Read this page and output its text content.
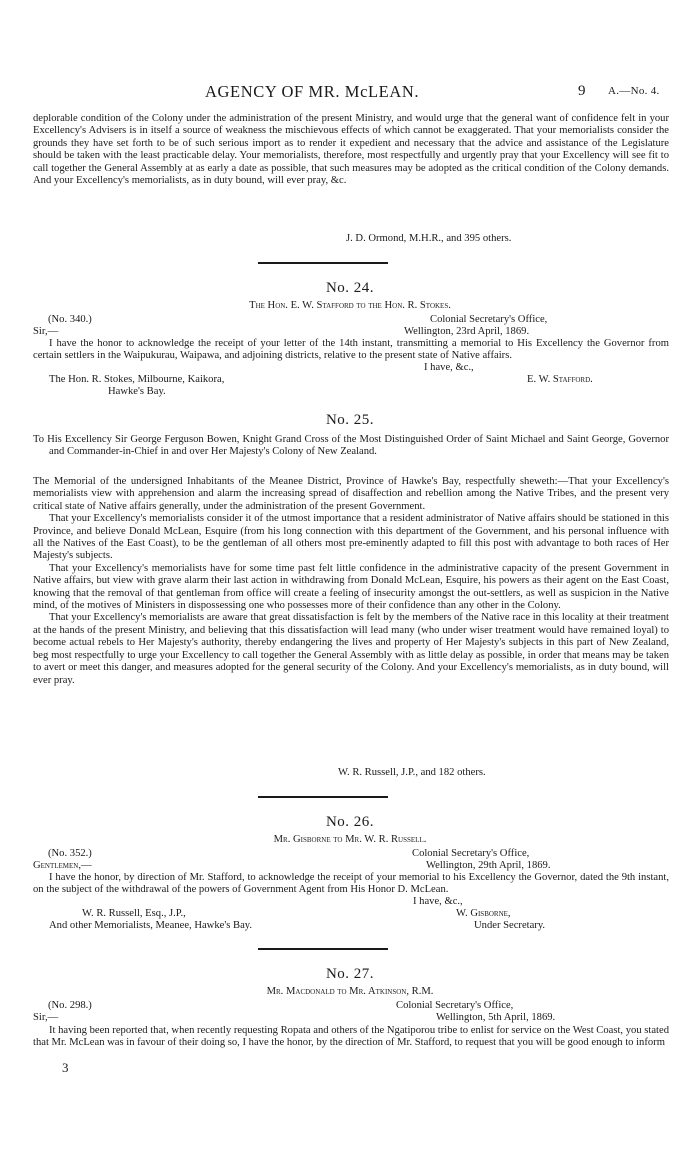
AGENCY OF MR. McLEAN.	9 A.—No. 4.

deplorable condition of the Colony under the administration of the present Ministry, and would urge that the general want of confidence felt in your Excellency's Advisers is in itself a source of weakness the mischievous effects of which cannot be exaggerated. That your memorialists consider the grounds they have set forth to be of such serious import as to render it expedient and necessary that the advice and assistance of the Legislature should be taken with the least practicable delay. Your memorialists, therefore, most respectfully and urgently pray that your Excellency will see fit to call together the General Assembly at as early a date as possible, that such measures may be adopted as the critical condition of the Colony demands. And your Excellency's memorialists, as in duty bound, will ever pray, &c.

J. D. Ormond, M.H.R., and 395 others.
No. 24.
The Hon. E. W. Stafford to the Hon. R. Stokes.
(No. 340.)	Colonial Secretary's Office,
Sir,—	Wellington, 23rd April, 1869.

I have the honor to acknowledge the receipt of your letter of the 14th instant, transmitting a memorial to His Excellency the Governor from certain settlers in the Waipukurau, Waipawa, and adjoining districts, relative to the present state of Native affairs.

I have, &c.,
The Hon. R. Stokes, Milbourne, Kaikora,	E. W. Stafford.
Hawke's Bay.
No. 25.

To His Excellency Sir George Ferguson Bowen, Knight Grand Cross of the Most Distinguished Order of Saint Michael and Saint George, Governor and Commander-in-Chief in and over Her Majesty's Colony of New Zealand.

The Memorial of the undersigned Inhabitants of the Meanee District, Province of Hawke's Bay, respectfully sheweth:—That your Excellency's memorialists view with apprehension and alarm the increasing spread of disaffection and rebellion among the Native Tribes, and the present very critical state of Native affairs generally, under the administration of the present Government.

That your Excellency's memorialists consider it of the utmost importance that a resident administrator of Native affairs should be stationed in this Province, and believe Donald McLean, Esquire (from his long connection with this department of the Government, and his personal influence with all the Natives of the East Coast), to be the gentleman of all others most pre-eminently adapted to fill this post with advantage to both races of Her Majesty's subjects.

That your Excellency's memorialists have for some time past felt little confidence in the administrative capacity of the present Government in Native affairs, but view with grave alarm their last action in withdrawing from Donald McLean, Esquire, his powers as their agent on the East Coast, knowing that the removal of that gentleman from office will create a feeling of insecurity amongst the out-settlers, as well as suspicion in the Native mind, of the motives of Ministers in dispossessing one who possesses more of their confidence than any other in the Colony.

That your Excellency's memorialists are aware that great dissatisfaction is felt by the members of the Native race in this locality at their treatment at the hands of the present Ministry, and believing that this dissatisfaction will lead many (who under wiser treatment would have remained loyal) to become actual rebels to Her Majesty's authority, thereby endangering the lives and property of Her Majesty's subjects in this part of New Zealand, beg most respectfully to urge your Excellency to call together the General Assembly with as little delay as possible, in order that means may be taken to avert or meet this danger, and measures adopted for the general security of the Colony. And your Excellency's memorialists, as in duty bound, will ever pray.

W. R. Russell, J.P., and 182 others.
No. 26.
Mr. Gisborne to Mr. W. R. Russell.
(No. 352.)	Colonial Secretary's Office,
Gentlemen,—	Wellington, 29th April, 1869.

I have the honor, by direction of Mr. Stafford, to acknowledge the receipt of your memorial to his Excellency the Governor, dated the 9th instant, on the subject of the withdrawal of the powers of Government Agent from His Honor D. McLean.

I have, &c.,
W. R. Russell, Esq., J.P.,	W. Gisborne,
And other Memorialists, Meanee, Hawke's Bay.	Under Secretary.
No. 27.
Mr. Macdonald to Mr. Atkinson, R.M.
(No. 298.)	Colonial Secretary's Office,
Sir,—	Wellington, 5th April, 1869.

It having been reported that, when recently requesting Ropata and others of the Ngatiporou tribe to enlist for service on the West Coast, you stated that Mr. McLean was in favour of their doing so, I have the honor, by the direction of Mr. Stafford, to request that you will be good enough to inform

3
